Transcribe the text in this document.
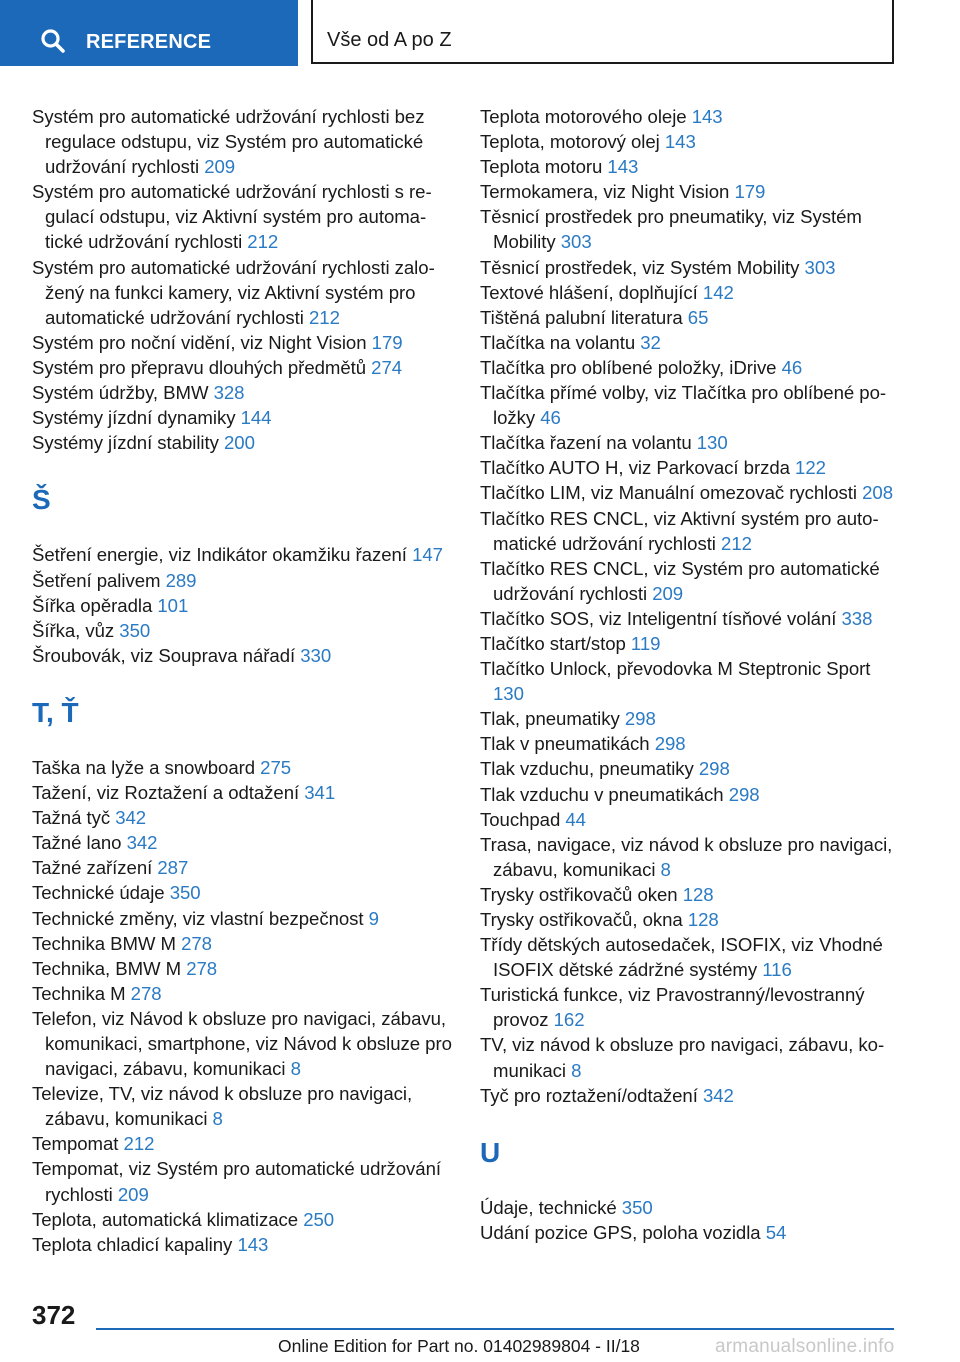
REFERENCE	Vše od A po Z
Systém pro automatické udržování rychlosti bez regulace odstupu, viz Systém pro automatické udržování rychlosti 209
Systém pro automatické udržování rychlosti s regulací odstupu, viz Aktivní systém pro automatické udržování rychlosti 212
Systém pro automatické udržování rychlosti založený na funkci kamery, viz Aktivní systém pro automatické udržování rychlosti 212
Systém pro noční vidění, viz Night Vision 179
Systém pro přepravu dlouhých předmětů 274
Systém údržby, BMW 328
Systémy jízdní dynamiky 144
Systémy jízdní stability 200
Š
Šetření energie, viz Indikátor okamžiku řazení 147
Šetření palivem 289
Šířka opěradla 101
Šířka, vůz 350
Šroubovák, viz Souprava nářadí 330
T, Ť
Taška na lyže a snowboard 275
Tažení, viz Roztažení a odtažení 341
Tažná tyč 342
Tažné lano 342
Tažné zařízení 287
Technické údaje 350
Technické změny, viz vlastní bezpečnost 9
Technika BMW M 278
Technika, BMW M 278
Technika M 278
Telefon, viz Návod k obsluze pro navigaci, zábavu, komunikaci, smartphone, viz Návod k obsluze pro navigaci, zábavu, komunikaci 8
Televize, TV, viz návod k obsluze pro navigaci, zábavu, komunikaci 8
Tempomat 212
Tempomat, viz Systém pro automatické udržování rychlosti 209
Teplota, automatická klimatizace 250
Teplota chladicí kapaliny 143
Teplota motorového oleje 143
Teplota, motorový olej 143
Teplota motoru 143
Termokamera, viz Night Vision 179
Těsnicí prostředek pro pneumatiky, viz Systém Mobility 303
Těsnicí prostředek, viz Systém Mobility 303
Textové hlášení, doplňující 142
Tištěná palubní literatura 65
Tlačítka na volantu 32
Tlačítka pro oblíbené položky, iDrive 46
Tlačítka přímé volby, viz Tlačítka pro oblíbené položky 46
Tlačítka řazení na volantu 130
Tlačítko AUTO H, viz Parkovací brzda 122
Tlačítko LIM, viz Manuální omezovač rychlosti 208
Tlačítko RES CNCL, viz Aktivní systém pro automatické udržování rychlosti 212
Tlačítko RES CNCL, viz Systém pro automatické udržování rychlosti 209
Tlačítko SOS, viz Inteligentní tísňové volání 338
Tlačítko start/stop 119
Tlačítko Unlock, převodovka M Steptronic Sport 130
Tlak, pneumatiky 298
Tlak v pneumatikách 298
Tlak vzduchu, pneumatiky 298
Tlak vzduchu v pneumatikách 298
Touchpad 44
Trasa, navigace, viz návod k obsluze pro navigaci, zábavu, komunikaci 8
Trysky ostřikovačů oken 128
Trysky ostřikovačů, okna 128
Třídy dětských autosedaček, ISOFIX, viz Vhodné ISOFIX dětské zádržné systémy 116
Turistická funkce, viz Pravostranný/levostranný provoz 162
TV, viz návod k obsluze pro navigaci, zábavu, komunikaci 8
Tyč pro roztažení/odtažení 342
U
Údaje, technické 350
Udání pozice GPS, poloha vozidla 54
372
Online Edition for Part no. 01402989804 - II/18	armanualsonline.info
